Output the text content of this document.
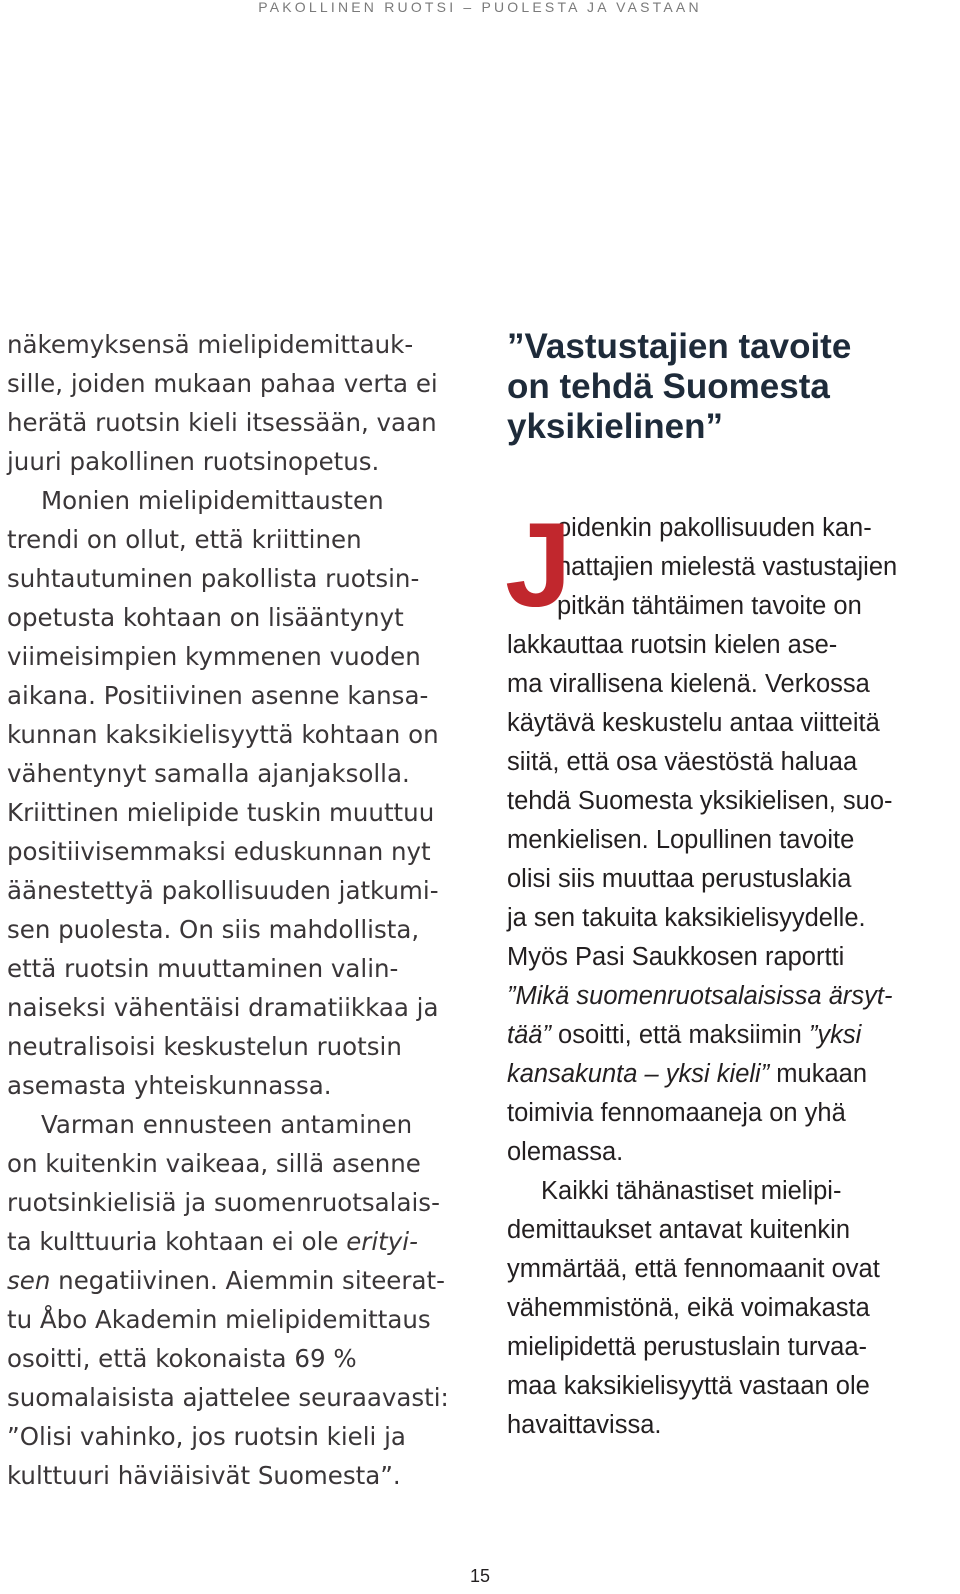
PAKOLLINEN RUOTSI – PUOLESTA JA VASTAAN
näkemyksensä mielipidemittauk-
sille, joiden mukaan pahaa verta ei
herätä ruotsin kieli itsessään, vaan
juuri pakollinen ruotsinopetus.
Monien mielipidemittausten
trendi on ollut, että kriittinen
suhtautuminen pakollista ruotsin-
opetusta kohtaan on lisääntynyt
viimeisimpien kymmenen vuoden
aikana. Positiivinen asenne kansa-
kunnan kaksikielisyyttä kohtaan on
vähentynyt samalla ajanjaksolla.
Kriittinen mielipide tuskin muuttuu
positiivisemmaksi eduskunnan nyt
äänestettyä pakollisuuden jatkumi-
sen puolesta. On siis mahdollista,
että ruotsin muuttaminen valin-
naiseksi vähentäisi dramatiikkaa ja
neutralisoisi keskustelun ruotsin
asemasta yhteiskunnassa.
Varman ennusteen antaminen
on kuitenkin vaikeaa, sillä asenne
ruotsinkielisiä ja suomenruotsalais-
ta kulttuuria kohtaan ei ole erityi-
sen negatiivinen. Aiemmin siteerat-
tu Åbo Akademin mielipidemittaus
osoitti, että kokonaista 69 %
suomalaisista ajattelee seuraavasti:
”Olisi vahinko, jos ruotsin kieli ja
kulttuuri häviäisivät Suomesta”.
”Vastustajien tavoite
on tehdä Suomesta
yksikielinen”
J
oidenkin pakollisuuden kan-
nattajien mielestä vastustajien
pitkän tähtäimen tavoite on
lakkauttaa ruotsin kielen ase-
ma virallisena kielenä. Verkossa
käytävä keskustelu antaa viitteitä
siitä, että osa väestöstä haluaa
tehdä Suomesta yksikielisen, suo-
menkielisen. Lopullinen tavoite
olisi siis muuttaa perustuslakia
ja sen takuita kaksikielisyydelle.
Myös Pasi Saukkosen raportti
”Mikä suomenruotsalaisissa ärsyt-
tää” osoitti, että maksiimin ”yksi
kansakunta – yksi kieli” mukaan
toimivia fennomaaneja on yhä
olemassa.
Kaikki tähänastiset mielipi-
demittaukset antavat kuitenkin
ymmärtää, että fennomaanit ovat
vähemmistönä, eikä voimakasta
mielipidettä perustuslain turvaa-
maa kaksikielisyyttä vastaan ole
havaittavissa.
15
